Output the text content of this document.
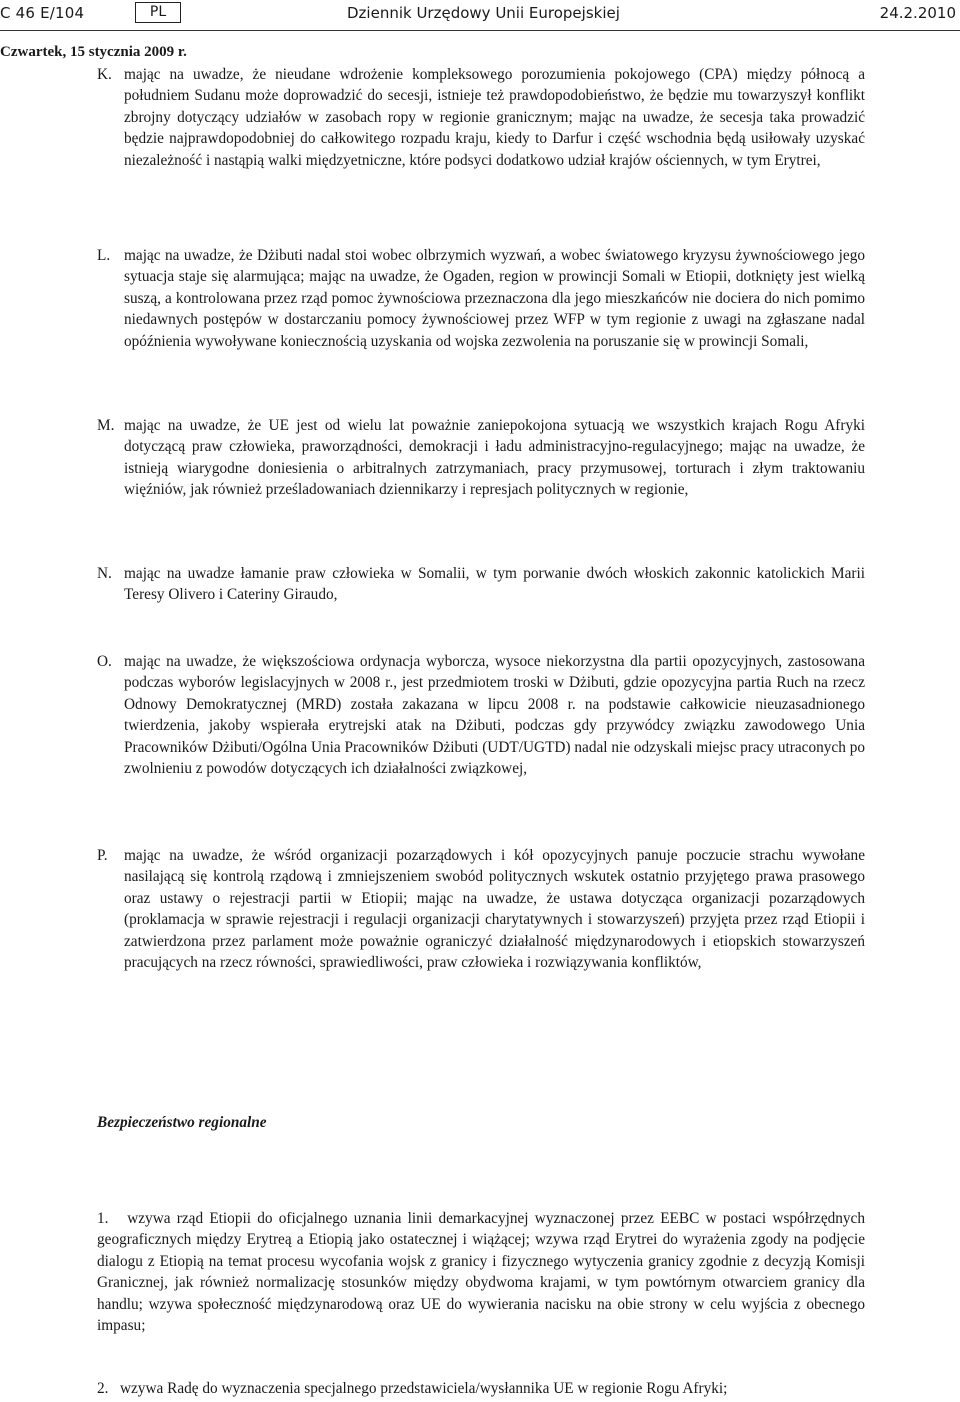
C 46 E/104	PL	Dziennik Urzędowy Unii Europejskiej	24.2.2010
Czwartek, 15 stycznia 2009 r.
K. mając na uwadze, że nieudane wdrożenie kompleksowego porozumienia pokojowego (CPA) między północą a południem Sudanu może doprowadzić do secesji, istnieje też prawdopodobieństwo, że będzie mu towarzyszył konflikt zbrojny dotyczący udziałów w zasobach ropy w regionie granicznym; mając na uwadze, że secesja taka prowadzić będzie najprawdopodobniej do całkowitego rozpadu kraju, kiedy to Darfur i część wschodnia będą usiłowały uzyskać niezależność i nastąpią walki międzyetniczne, które podsyci dodatkowo udział krajów ościennych, w tym Erytrei,
L. mając na uwadze, że Dżibuti nadal stoi wobec olbrzymich wyzwań, a wobec światowego kryzysu żywnościowego jego sytuacja staje się alarmująca; mając na uwadze, że Ogaden, region w prowincji Somali w Etiopii, dotknięty jest wielką suszą, a kontrolowana przez rząd pomoc żywnościowa przeznaczona dla jego mieszkańców nie dociera do nich pomimo niedawnych postępów w dostarczaniu pomocy żywnościowej przez WFP w tym regionie z uwagi na zgłaszane nadal opóźnienia wywoływane koniecznością uzyskania od wojska zezwolenia na poruszanie się w prowincji Somali,
M. mając na uwadze, że UE jest od wielu lat poważnie zaniepokojona sytuacją we wszystkich krajach Rogu Afryki dotyczącą praw człowieka, praworządności, demokracji i ładu administracyjno-regulacyjnego; mając na uwadze, że istnieją wiarygodne doniesienia o arbitralnych zatrzymaniach, pracy przymusowej, torturach i złym traktowaniu więźniów, jak również prześladowaniach dziennikarzy i represjach politycznych w regionie,
N. mając na uwadze łamanie praw człowieka w Somalii, w tym porwanie dwóch włoskich zakonnic katolickich Marii Teresy Olivero i Cateriny Giraudo,
O. mając na uwadze, że większościowa ordynacja wyborcza, wysoce niekorzystna dla partii opozycyjnych, zastosowana podczas wyborów legislacyjnych w 2008 r., jest przedmiotem troski w Dżibuti, gdzie opozycyjna partia Ruch na rzecz Odnowy Demokratycznej (MRD) została zakazana w lipcu 2008 r. na podstawie całkowicie nieuzasadnionego twierdzenia, jakoby wspierała erytrejski atak na Dżibuti, podczas gdy przywódcy związku zawodowego Unia Pracowników Dżibuti/Ogólna Unia Pracowników Dżibuti (UDT/UGTD) nadal nie odzyskali miejsc pracy utraconych po zwolnieniu z powodów dotyczących ich działalności związkowej,
P.	mając na uwadze, że wśród organizacji pozarządowych i kół opozycyjnych panuje poczucie strachu wywołane nasilającą się kontrolą rządową i zmniejszeniem swobód politycznych wskutek ostatnio przyjętego prawa prasowego oraz ustawy o rejestracji partii w Etiopii; mając na uwadze, że ustawa dotycząca organizacji pozarządowych (proklamacja w sprawie rejestracji i regulacji organizacji charytatywnych i stowarzyszeń) przyjęta przez rząd Etiopii i zatwierdzona przez parlament może poważnie ograniczyć działalność międzynarodowych i etiopskich stowarzyszeń pracujących na rzecz równości, sprawiedliwości, praw człowieka i rozwiązywania konfliktów,
Bezpieczeństwo regionalne
1. wzywa rząd Etiopii do oficjalnego uznania linii demarkacyjnej wyznaczonej przez EEBC w postaci współrzędnych geograficznych między Erytreą a Etiopią jako ostatecznej i wiążącej; wzywa rząd Erytrei do wyrażenia zgody na podjęcie dialogu z Etiopią na temat procesu wycofania wojsk z granicy i fizycznego wytyczenia granicy zgodnie z decyzją Komisji Granicznej, jak również normalizację stosunków między obydwoma krajami, w tym powtórnym otwarciem granicy dla handlu; wzywa społeczność międzynarodową oraz UE do wywierania nacisku na obie strony w celu wyjścia z obecnego impasu;
2. wzywa Radę do wyznaczenia specjalnego przedstawiciela/wysłannika UE w regionie Rogu Afryki;
